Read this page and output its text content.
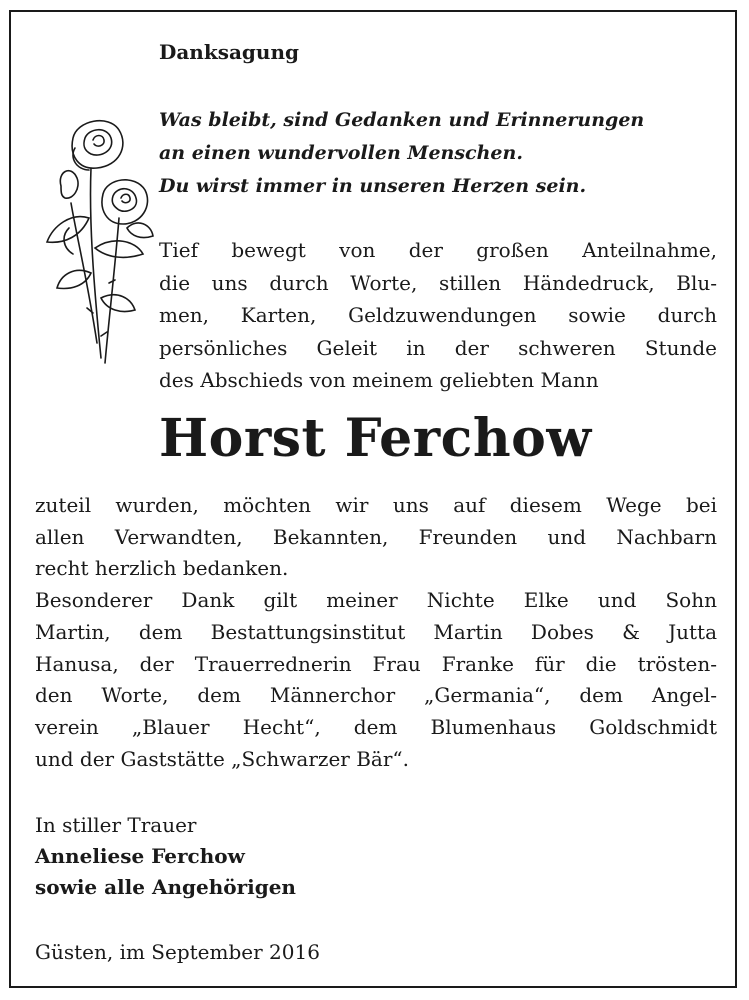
Danksagung
Was bleibt, sind Gedanken und Erinnerungen
an einen wundervollen Menschen.
Du wirst immer in unseren Herzen sein.
Tief bewegt von der großen Anteilnahme,
die uns durch Worte, stillen Händedruck, Blu-
men, Karten, Geldzuwendungen sowie durch
persönliches Geleit in der schweren Stunde
des Abschieds von meinem geliebten Mann
Horst Ferchow
zuteil wurden, möchten wir uns auf diesem Wege bei
allen Verwandten, Bekannten, Freunden und Nachbarn
recht herzlich bedanken.
Besonderer Dank gilt meiner Nichte Elke und Sohn
Martin, dem Bestattungsinstitut Martin Dobes & Jutta
Hanusa, der Trauerrednerin Frau Franke für die trösten-
den Worte, dem Männerchor „Germania“, dem Angel-
verein „Blauer Hecht“, dem Blumenhaus Goldschmidt
und der Gaststätte „Schwarzer Bär“.
In stiller Trauer
Anneliese Ferchow
sowie alle Angehörigen
Güsten, im September 2016
